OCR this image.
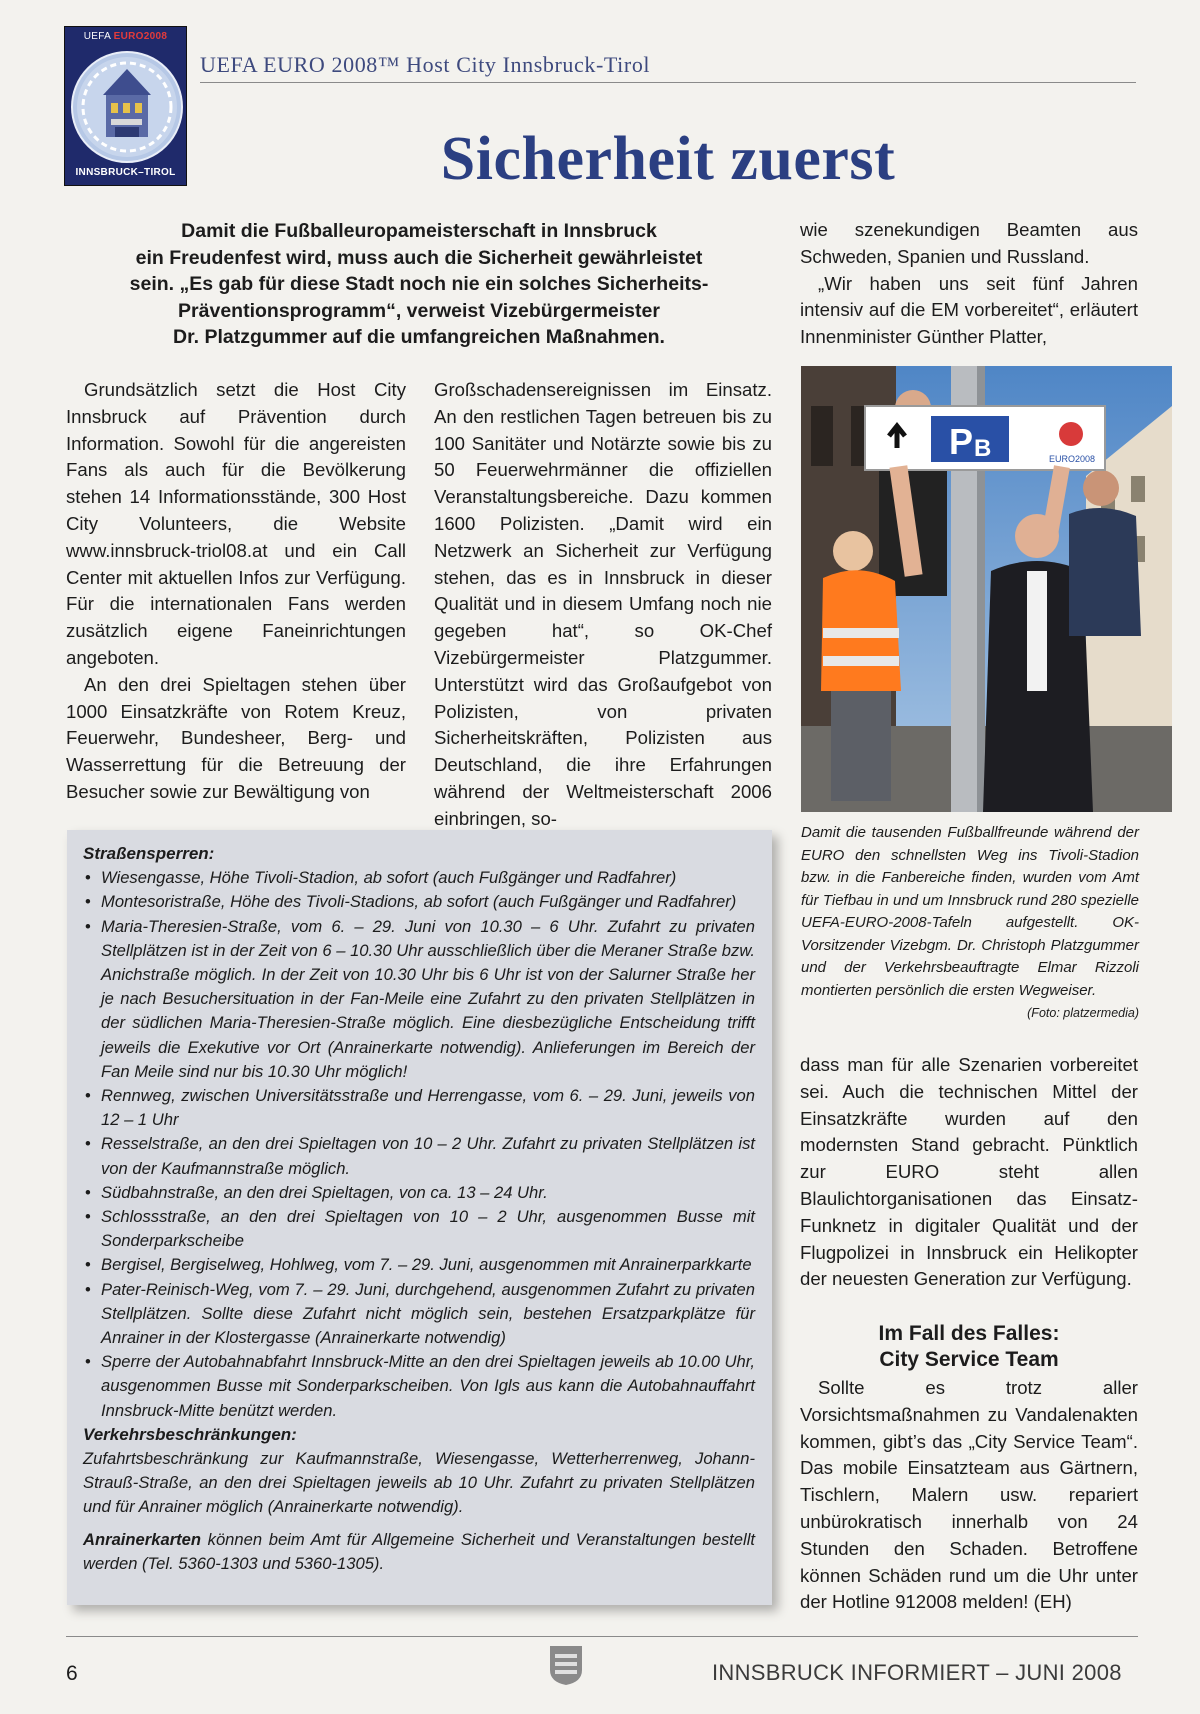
UEFA EURO2008
INNSBRUCK–TIROL
UEFA EURO 2008™ Host City Innsbruck-Tirol
Sicherheit zuerst

Damit die Fußballeuropameisterschaft in Innsbruck

ein Freudenfest wird, muss auch die Sicherheit gewährleistet

sein. „Es gab für diese Stadt noch nie ein solches Sicherheits-

Präventionsprogramm“, verweist Vizebürgermeister

Dr. Platzgummer auf die umfangreichen Maßnahmen.

Grundsätzlich setzt die Host City Innsbruck auf Prävention durch Information. Sowohl für die angereisten Fans als auch für die Bevölkerung stehen 14 Informationsstände, 300 Host City Volunteers, die Website www.innsbruck-triol08.at und ein Call Center mit aktuellen Infos zur Verfügung. Für die internationalen Fans werden zusätzlich eigene Faneinrichtungen angeboten.

An den drei Spieltagen stehen über 1000 Einsatzkräfte von Rotem Kreuz, Feuerwehr, Bundesheer, Berg- und Wasserrettung für die Betreuung der Besucher sowie zur Bewältigung von

Großschadensereignissen im Einsatz. An den restlichen Tagen betreuen bis zu 100 Sanitäter und Notärzte sowie bis zu 50 Feuerwehrmänner die offiziellen Veranstaltungsbereiche. Dazu kommen 1600 Polizisten. „Damit wird ein Netzwerk an Sicherheit zur Verfügung stehen, das es in Innsbruck in dieser Qualität und in diesem Umfang noch nie gegeben hat“, so OK-Chef Vizebürgermeister Platzgummer. Unterstützt wird das Großaufgebot von Polizisten, von privaten Sicherheitskräften, Polizisten aus Deutschland, die ihre Erfahrungen während der Weltmeisterschaft 2006 einbringen, so-

wie szenekundigen Beamten aus Schweden, Spanien und Russland.

„Wir haben uns seit fünf Jahren intensiv auf die EM vorbereitet“, erläutert Innenminister Günther Platter,

P B	EURO2008
Damit die tausenden Fußballfreunde während der EURO den schnellsten Weg ins Tivoli-Stadion bzw. in die Fanbereiche finden, wurden vom Amt für Tiefbau in und um Innsbruck rund 280 spezielle UEFA-EURO-2008-Tafeln aufgestellt. OK-Vorsitzender Vizebgm. Dr. Christoph Platzgummer und der Verkehrsbeauftragte Elmar Rizzoli montierten persönlich die ersten Wegweiser.
(Foto: platzermedia)

dass man für alle Szenarien vorbereitet sei. Auch die technischen Mittel der Einsatzkräfte wurden auf den modernsten Stand gebracht. Pünktlich zur EURO steht allen Blaulichtorganisationen das Einsatz-Funknetz in digitaler Qualität und der Flugpolizei in Innsbruck ein Helikopter der neuesten Generation zur Verfügung.

Im Fall des Falles:
City Service Team

Sollte es trotz aller Vorsichtsmaßnahmen zu Vandalenakten kommen, gibt’s das „City Service Team“. Das mobile Einsatzteam aus Gärtnern, Tischlern, Malern usw. repariert unbürokratisch innerhalb von 24 Stunden den Schaden. Betroffene können Schäden rund um die Uhr unter der Hotline 912008 melden! (EH)

Straßensperren:
• Wiesengasse, Höhe Tivoli-Stadion, ab sofort (auch Fußgänger und Radfahrer)
• Montesoristraße, Höhe des Tivoli-Stadions, ab sofort (auch Fußgänger und Radfahrer)
• Maria-Theresien-Straße, vom 6. – 29. Juni von 10.30 – 6 Uhr. Zufahrt zu privaten Stellplätzen ist in der Zeit von 6 – 10.30 Uhr ausschließlich über die Meraner Straße bzw. Anichstraße möglich. In der Zeit von 10.30 Uhr bis 6 Uhr ist von der Salurner Straße her je nach Besuchersituation in der Fan-Meile eine Zufahrt zu den privaten Stellplätzen in der südlichen Maria-Theresien-Straße möglich. Eine diesbezügliche Entscheidung trifft jeweils die Exekutive vor Ort (Anrainerkarte notwendig). Anlieferungen im Bereich der Fan Meile sind nur bis 10.30 Uhr möglich!
• Rennweg, zwischen Universitätsstraße und Herrengasse, vom 6. – 29. Juni, jeweils von 12 – 1 Uhr
• Resselstraße, an den drei Spieltagen von 10 – 2 Uhr. Zufahrt zu privaten Stellplätzen ist von der Kaufmannstraße möglich.
• Südbahnstraße, an den drei Spieltagen, von ca. 13 – 24 Uhr.
• Schlossstraße, an den drei Spieltagen von 10 – 2 Uhr, ausgenommen Busse mit Sonderparkscheibe
• Bergisel, Bergiselweg, Hohlweg, vom 7. – 29. Juni, ausgenommen mit Anrainerparkkarte
• Pater-Reinisch-Weg, vom 7. – 29. Juni, durchgehend, ausgenommen Zufahrt zu privaten Stellplätzen. Sollte diese Zufahrt nicht möglich sein, bestehen Ersatzparkplätze für Anrainer in der Klostergasse (Anrainerkarte notwendig)
• Sperre der Autobahnabfahrt Innsbruck-Mitte an den drei Spieltagen jeweils ab 10.00 Uhr, ausgenommen Busse mit Sonderparkscheiben. Von Igls aus kann die Autobahnauffahrt Innsbruck-Mitte benützt werden.
Verkehrsbeschränkungen:

Zufahrtsbeschränkung zur Kaufmannstraße, Wiesengasse, Wetterherrenweg, Johann-Strauß-Straße, an den drei Spieltagen jeweils ab 10 Uhr. Zufahrt zu privaten Stellplätzen und für Anrainer möglich (Anrainerkarte notwendig).

Anrainerkarten können beim Amt für Allgemeine Sicherheit und Veranstaltungen bestellt werden (Tel. 5360-1303 und 5360-1305).

6	INNSBRUCK INFORMIERT – JUNI 2008
